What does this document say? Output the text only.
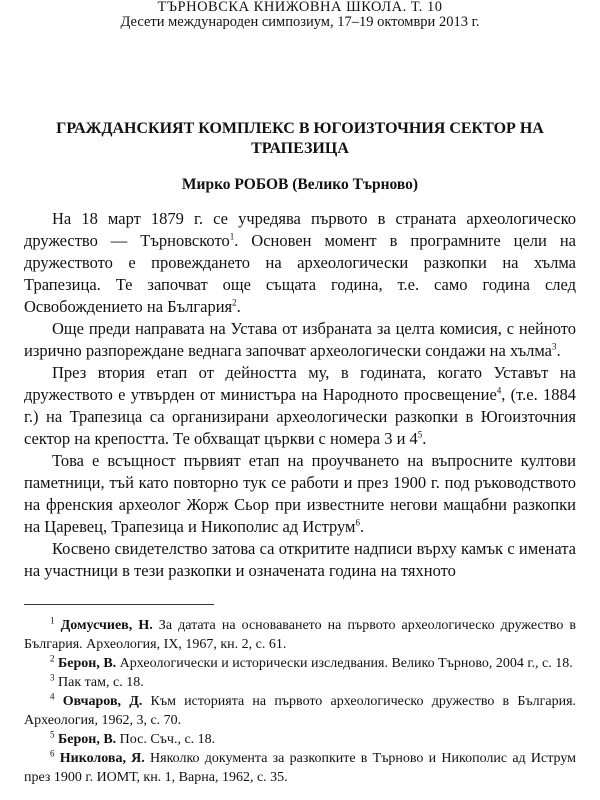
ТЪРНОВСКА КНИЖОВНА ШКОЛА. Т. 10
Десети международен симпозиум, 17–19 октомври 2013 г.
ГРАЖДАНСКИЯТ КОМПЛЕКС В ЮГОИЗТОЧНИЯ СЕКТОР НА ТРАПЕЗИЦА
Мирко РОБОВ (Велико Търново)

На 18 март 1879 г. се учредява първото в страната археологическо дружество — Търновското$^1$. Основен момент в програмните цели на дружеството е провеждането на археологически разкопки на хълма Трапезица. Те започват още същата година, т.е. само година след Освобождението на България$^2$.

Още преди направата на Устава от избраната за целта комисия, с нейното изрично разпореждане веднага започват археологически сондажи на хълма$^3$.

През втория етап от дейността му, в годината, когато Уставът на дружеството е утвърден от министъра на Народното просвещение$^4$, (т.е. 1884 г.) на Трапезица са организирани археологически разкопки в Югоизточния сектор на крепостта. Те обхващат църкви с номера 3 и $4^5$.

Това е всъщност първият етап на проучването на въпросните култови паметници, тъй като повторно тук се работи и през 1900 г. под ръководството на френския археолог Жорж Сьор при известните негови мащабни разкопки на Царевец, Трапезица и Никополис ад Иструм$^6$.

Косвено свидетелство затова са откритите надписи върху камък с имената на участници в тези разкопки и означената година на тяхното

$^1$ Домусчиев, Н. За датата на основаването на първото археологическо дружество в България. Археология, IX, 1967, кн. 2, с. 61.

$^2$ Берон, В. Археологически и исторически изследвания. Велико Търново, 2004 г., с. 18.

$^3$ Пак там, с. 18.

$^4$ Овчаров, Д. Към историята на първото археологическо дружество в България. Археология, 1962, 3, с. 70.

$^5$ Берон, В. Пос. Съч., с. 18.

$^6$ Николова, Я. Няколко документа за разкопките в Търново и Никополис ад Иструм през 1900 г. ИОМТ, кн. 1, Варна, 1962, с. 35.
